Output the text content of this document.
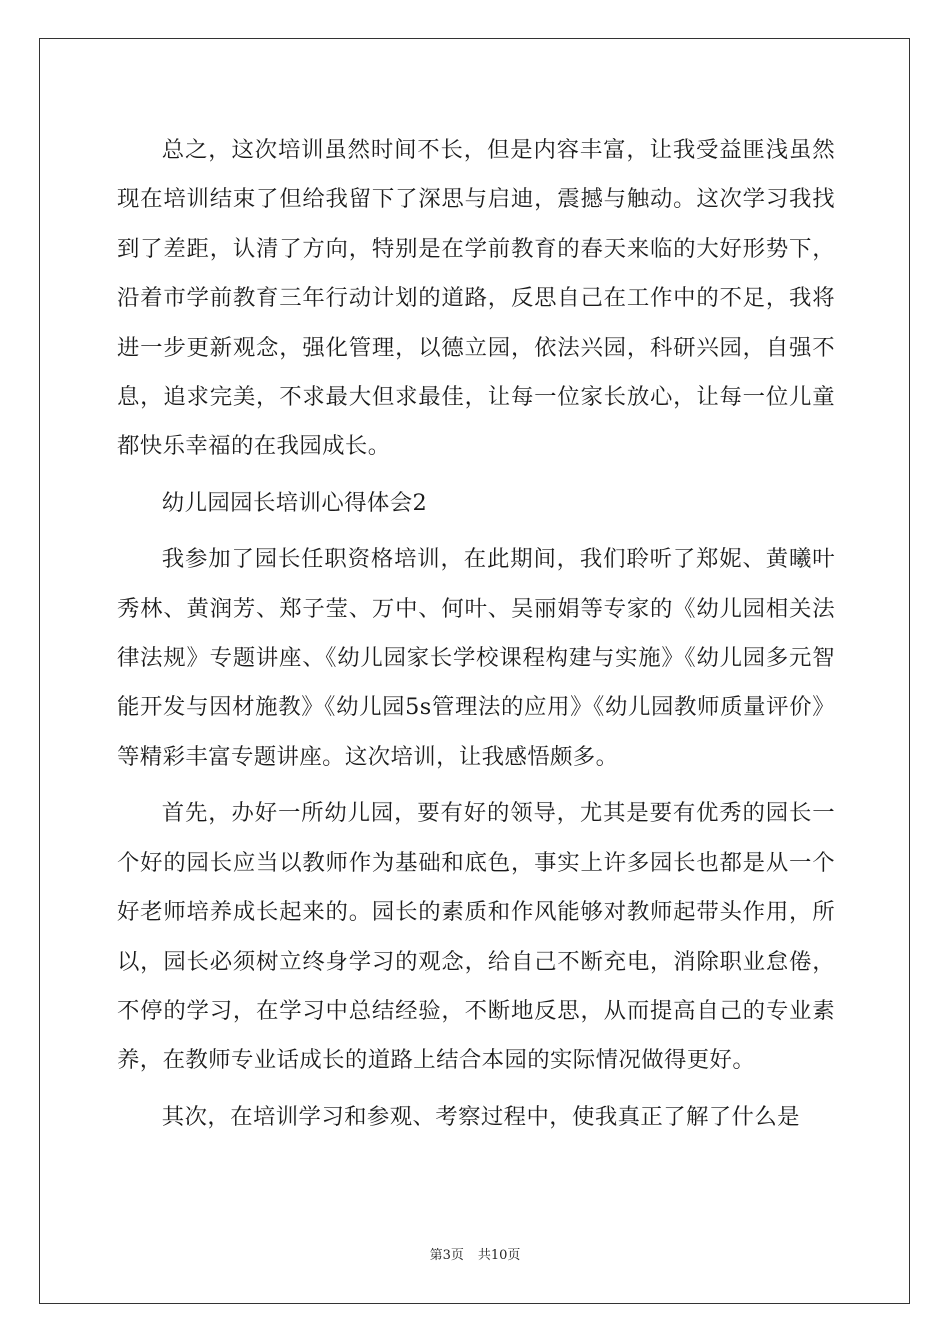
总之，这次培训虽然时间不长，但是内容丰富，让我受益匪浅虽然现在培训结束了但给我留下了深思与启迪，震撼与触动。这次学习我找到了差距，认清了方向，特别是在学前教育的春天来临的大好形势下，沿着市学前教育三年行动计划的道路，反思自己在工作中的不足，我将进一步更新观念，强化管理，以德立园，依法兴园，科研兴园，自强不息，追求完美，不求最大但求最佳，让每一位家长放心，让每一位儿童都快乐幸福的在我园成长。

幼儿园园长培训心得体会2

我参加了园长任职资格培训，在此期间，我们聆听了郑妮、黄曦叶秀林、黄润芳、郑子莹、万中、何叶、吴丽娟等专家的《幼儿园相关法律法规》专题讲座、《幼儿园家长学校课程构建与实施》《幼儿园多元智能开发与因材施教》《幼儿园5s管理法的应用》《幼儿园教师质量评价》等精彩丰富专题讲座。这次培训，让我感悟颇多。

首先，办好一所幼儿园，要有好的领导，尤其是要有优秀的园长一个好的园长应当以教师作为基础和底色，事实上许多园长也都是从一个好老师培养成长起来的。园长的素质和作风能够对教师起带头作用，所以，园长必须树立终身学习的观念，给自己不断充电，消除职业怠倦，不停的学习，在学习中总结经验，不断地反思，从而提高自己的专业素养，在教师专业话成长的道路上结合本园的实际情况做得更好。

其次，在培训学习和参观、考察过程中，使我真正了解了什么是

第3页 共10页
